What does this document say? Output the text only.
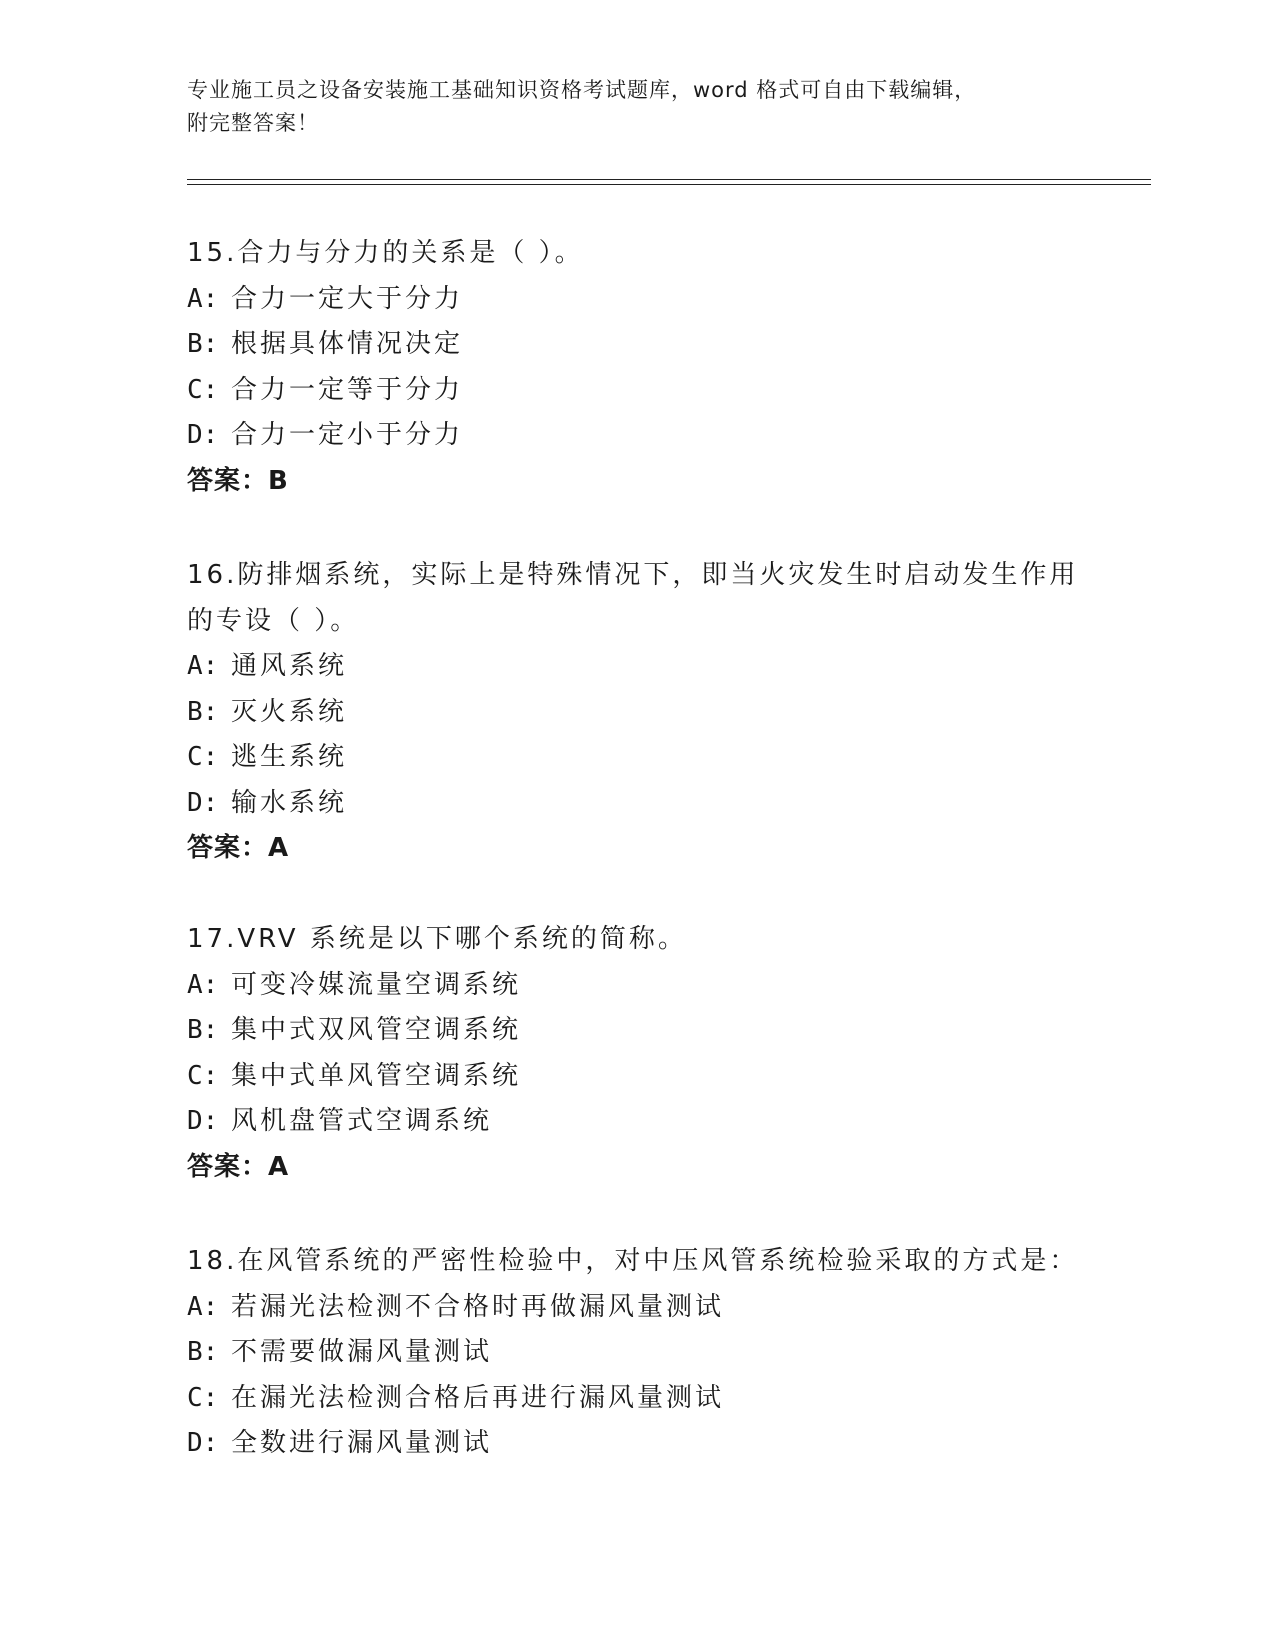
专业施工员之设备安装施工基础知识资格考试题库，word 格式可自由下载编辑，
附完整答案！
15.合力与分力的关系是（ ）。
A: 合力一定大于分力
B: 根据具体情况决定
C: 合力一定等于分力
D: 合力一定小于分力
答案：B
16.防排烟系统，实际上是特殊情况下，即当火灾发生时启动发生作用
的专设（ ）。
A: 通风系统
B: 灭火系统
C: 逃生系统
D: 输水系统
答案：A
17.VRV 系统是以下哪个系统的简称。
A: 可变冷媒流量空调系统
B: 集中式双风管空调系统
C: 集中式单风管空调系统
D: 风机盘管式空调系统
答案：A
18.在风管系统的严密性检验中，对中压风管系统检验采取的方式是：
A: 若漏光法检测不合格时再做漏风量测试
B: 不需要做漏风量测试
C: 在漏光法检测合格后再进行漏风量测试
D: 全数进行漏风量测试
